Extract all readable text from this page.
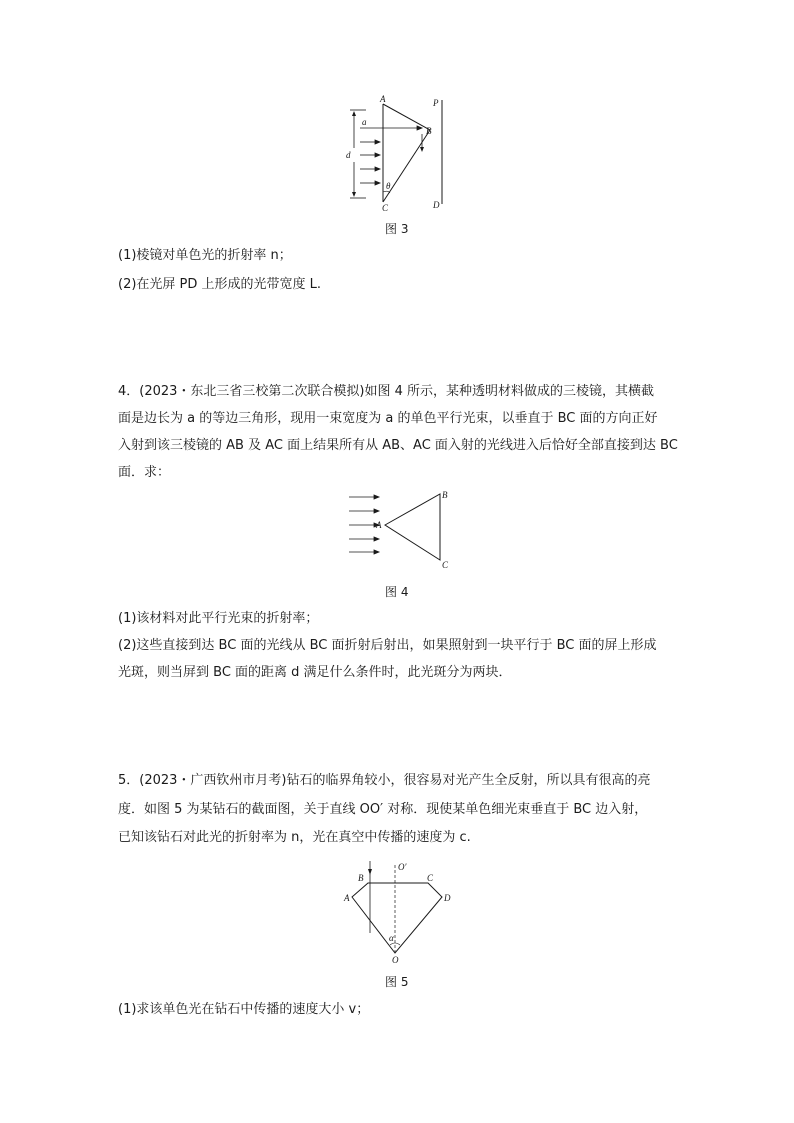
A
B
C
P
D
a
d
θ
图 3
(1)棱镜对单色光的折射率 n；
(2)在光屏 PD 上形成的光带宽度 L.
4．(2023・东北三省三校第二次联合模拟)如图 4 所示，某种透明材料做成的三棱镜，其横截
面是边长为 a 的等边三角形，现用一束宽度为 a 的单色平行光束，以垂直于 BC 面的方向正好
入射到该三棱镜的 AB 及 AC 面上结果所有从 AB、AC 面入射的光线进入后恰好全部直接到达 BC
面．求：
A
B
C
图 4
(1)该材料对此平行光束的折射率；
(2)这些直接到达 BC 面的光线从 BC 面折射后射出，如果照射到一块平行于 BC 面的屏上形成
光斑，则当屏到 BC 面的距离 d 满足什么条件时，此光斑分为两块．
5．(2023・广西钦州市月考)钻石的临界角较小，很容易对光产生全反射，所以具有很高的亮
度．如图 5 为某钻石的截面图，关于直线 OO′ 对称．现使某单色细光束垂直于 BC 边入射，
已知该钻石对此光的折射率为 n，光在真空中传播的速度为 c.
B	C
A	D
O
O′
α
图 5
(1)求该单色光在钻石中传播的速度大小 v；
